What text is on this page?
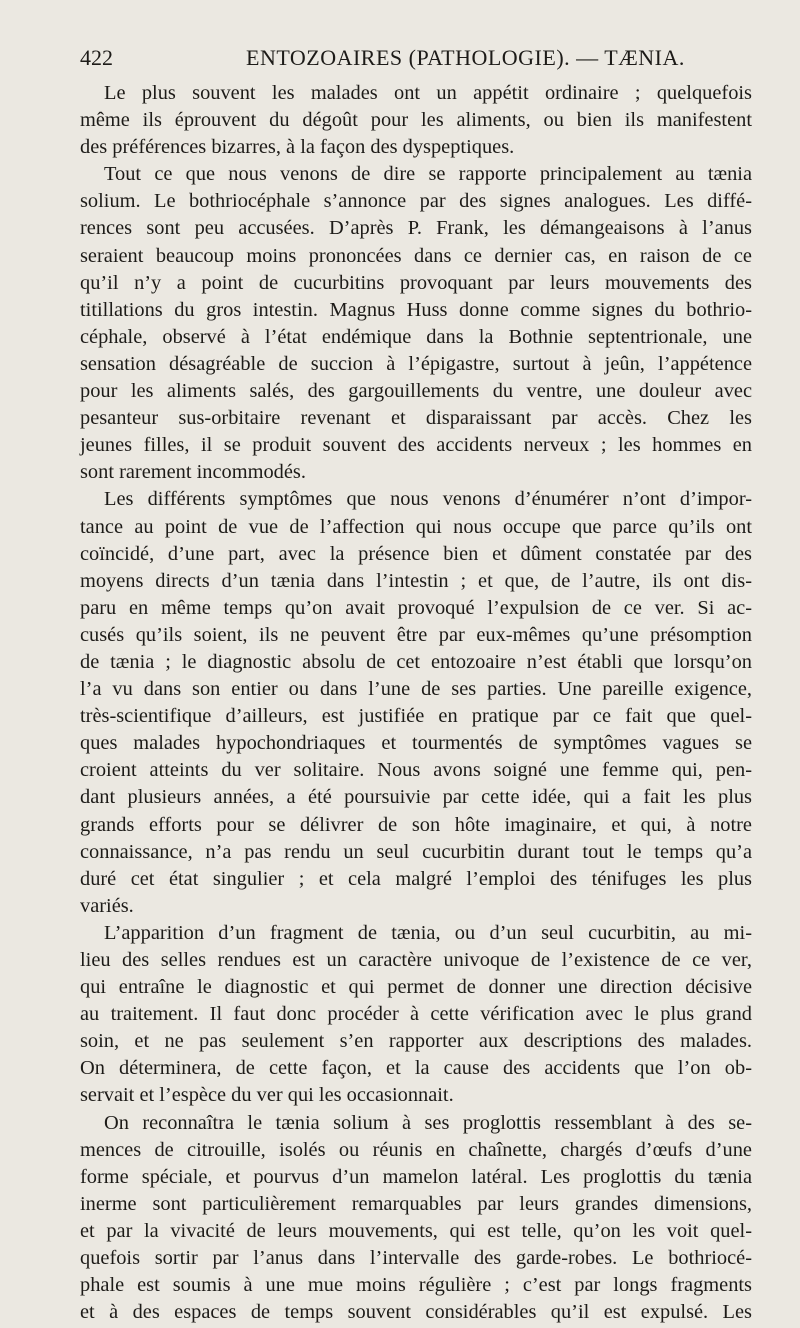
422	ENTOZOAIRES (PATHOLOGIE). — TÆNIA.
Le plus souvent les malades ont un appétit ordinaire ; quelquefois
même ils éprouvent du dégoût pour les aliments, ou bien ils manifestent
des préférences bizarres, à la façon des dyspeptiques.
Tout ce que nous venons de dire se rapporte principalement au tænia
solium. Le bothriocéphale s’annonce par des signes analogues. Les diffé-
rences sont peu accusées. D’après P. Frank, les démangeaisons à l’anus
seraient beaucoup moins prononcées dans ce dernier cas, en raison de ce
qu’il n’y a point de cucurbitins provoquant par leurs mouvements des
titillations du gros intestin. Magnus Huss donne comme signes du bothrio-
céphale, observé à l’état endémique dans la Bothnie septentrionale, une
sensation désagréable de succion à l’épigastre, surtout à jeûn, l’appétence
pour les aliments salés, des gargouillements du ventre, une douleur avec
pesanteur sus-orbitaire revenant et disparaissant par accès. Chez les
jeunes filles, il se produit souvent des accidents nerveux ; les hommes en
sont rarement incommodés.
Les différents symptômes que nous venons d’énumérer n’ont d’impor-
tance au point de vue de l’affection qui nous occupe que parce qu’ils ont
coïncidé, d’une part, avec la présence bien et dûment constatée par des
moyens directs d’un tænia dans l’intestin ; et que, de l’autre, ils ont dis-
paru en même temps qu’on avait provoqué l’expulsion de ce ver. Si ac-
cusés qu’ils soient, ils ne peuvent être par eux-mêmes qu’une présomption
de tænia ; le diagnostic absolu de cet entozoaire n’est établi que lorsqu’on
l’a vu dans son entier ou dans l’une de ses parties. Une pareille exigence,
très-scientifique d’ailleurs, est justifiée en pratique par ce fait que quel-
ques malades hypochondriaques et tourmentés de symptômes vagues se
croient atteints du ver solitaire. Nous avons soigné une femme qui, pen-
dant plusieurs années, a été poursuivie par cette idée, qui a fait les plus
grands efforts pour se délivrer de son hôte imaginaire, et qui, à notre
connaissance, n’a pas rendu un seul cucurbitin durant tout le temps qu’a
duré cet état singulier ; et cela malgré l’emploi des ténifuges les plus
variés.
L’apparition d’un fragment de tænia, ou d’un seul cucurbitin, au mi-
lieu des selles rendues est un caractère univoque de l’existence de ce ver,
qui entraîne le diagnostic et qui permet de donner une direction décisive
au traitement. Il faut donc procéder à cette vérification avec le plus grand
soin, et ne pas seulement s’en rapporter aux descriptions des malades.
On déterminera, de cette façon, et la cause des accidents que l’on ob-
servait et l’espèce du ver qui les occasionnait.
On reconnaîtra le tænia solium à ses proglottis ressemblant à des se-
mences de citrouille, isolés ou réunis en chaînette, chargés d’œufs d’une
forme spéciale, et pourvus d’un mamelon latéral. Les proglottis du tænia
inerme sont particulièrement remarquables par leurs grandes dimensions,
et par la vivacité de leurs mouvements, qui est telle, qu’on les voit quel-
quefois sortir par l’anus dans l’intervalle des garde-robes. Le bothriocé-
phale est soumis à une mue moins régulière ; c’est par longs fragments
et à des espaces de temps souvent considérables qu’il est expulsé. Les
